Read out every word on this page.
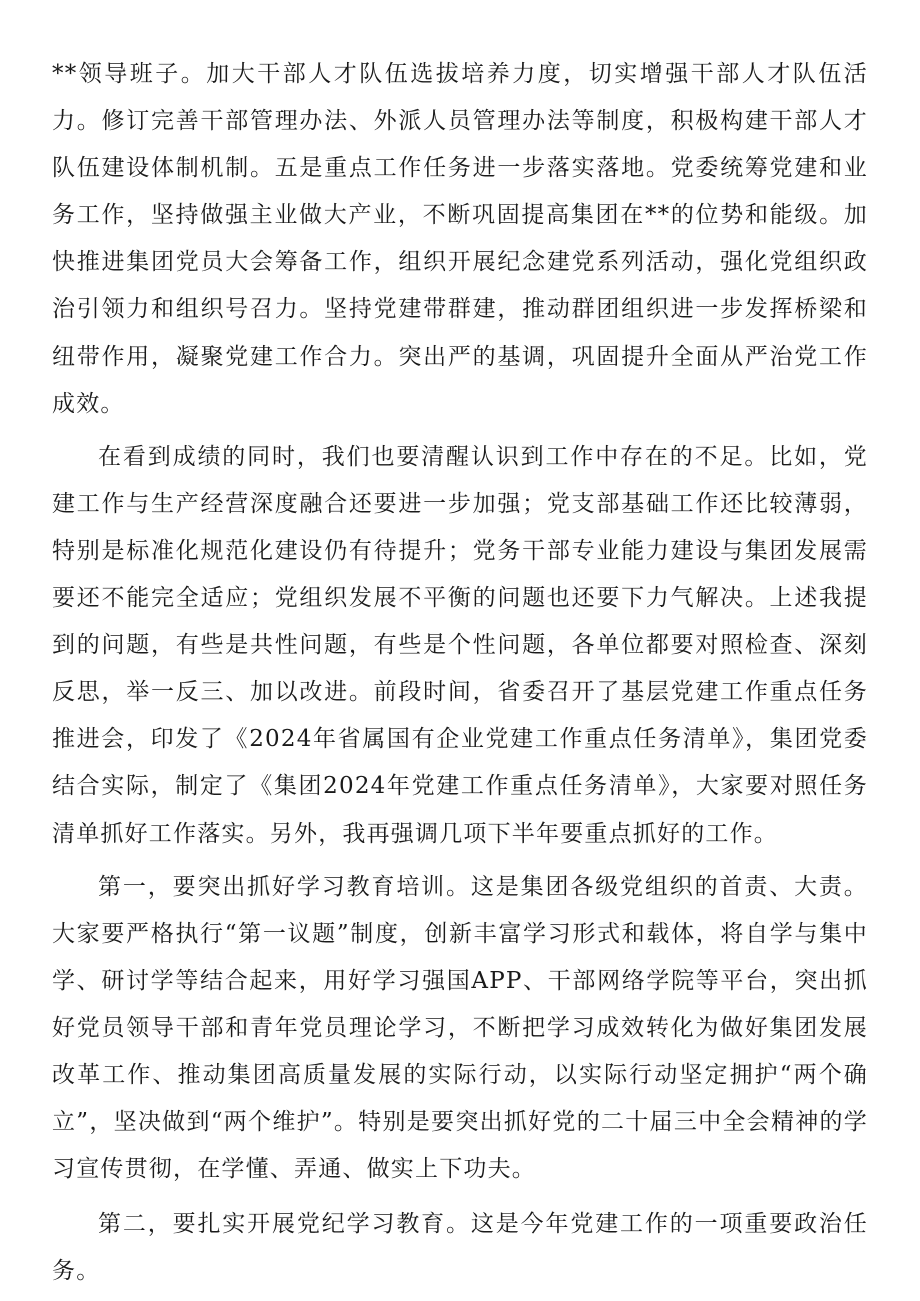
**领导班子。加大干部人才队伍选拔培养力度，切实增强干部人才队伍活力。修订完善干部管理办法、外派人员管理办法等制度，积极构建干部人才队伍建设体制机制。五是重点工作任务进一步落实落地。党委统筹党建和业务工作，坚持做强主业做大产业，不断巩固提高集团在**的位势和能级。加快推进集团党员大会筹备工作，组织开展纪念建党系列活动，强化党组织政治引领力和组织号召力。坚持党建带群建，推动群团组织进一步发挥桥梁和纽带作用，凝聚党建工作合力。突出严的基调，巩固提升全面从严治党工作成效。

在看到成绩的同时，我们也要清醒认识到工作中存在的不足。比如，党建工作与生产经营深度融合还要进一步加强；党支部基础工作还比较薄弱，特别是标准化规范化建设仍有待提升；党务干部专业能力建设与集团发展需要还不能完全适应；党组织发展不平衡的问题也还要下力气解决。上述我提到的问题，有些是共性问题，有些是个性问题，各单位都要对照检查、深刻反思，举一反三、加以改进。前段时间，省委召开了基层党建工作重点任务推进会，印发了《2024年省属国有企业党建工作重点任务清单》，集团党委结合实际，制定了《集团2024年党建工作重点任务清单》，大家要对照任务清单抓好工作落实。另外，我再强调几项下半年要重点抓好的工作。

第一，要突出抓好学习教育培训。这是集团各级党组织的首责、大责。大家要严格执行“第一议题”制度，创新丰富学习形式和载体，将自学与集中学、研讨学等结合起来，用好学习强国APP、干部网络学院等平台，突出抓好党员领导干部和青年党员理论学习，不断把学习成效转化为做好集团发展改革工作、推动集团高质量发展的实际行动，以实际行动坚定拥护“两个确立”，坚决做到“两个维护”。特别是要突出抓好党的二十届三中全会精神的学习宣传贯彻，在学懂、弄通、做实上下功夫。

第二，要扎实开展党纪学习教育。这是今年党建工作的一项重要政治任务。
